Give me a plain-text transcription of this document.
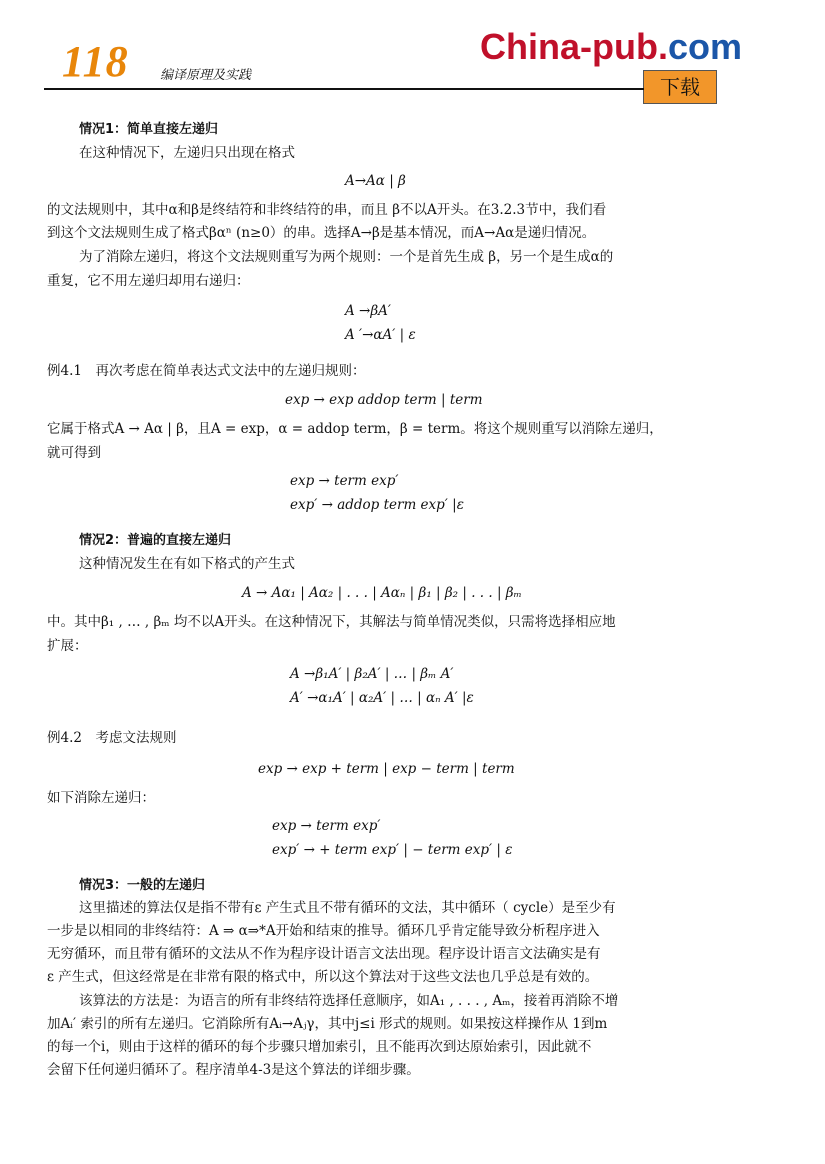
118 编译原理及实践
China-pub.com
下载
情况1：简单直接左递归
在这种情况下，左递归只出现在格式
A→Aα | β
的文法规则中，其中α和β是终结符和非终结符的串，而且 β不以A开头。在3.2.3节中，我们看
到这个文法规则生成了格式βαⁿ (n≥0）的串。选择A→β是基本情况，而A→Aα是递归情况。
为了消除左递归，将这个文法规则重写为两个规则：一个是首先生成 β，另一个是生成α的
重复，它不用左递归却用右递归：
A →βA′
A ′→αA′ | ε
例4.1　再次考虑在简单表达式文法中的左递归规则：
exp → exp addop term | term
它属于格式A → Aα | β，且A = exp，α = addop term，β = term。将这个规则重写以消除左递归，
就可得到
exp → term exp′
exp′ → addop term exp′ |ε
情况2：普遍的直接左递归
这种情况发生在有如下格式的产生式
A → Aα₁ | Aα₂ | . . . | Aαₙ | β₁ | β₂ | . . . | βₘ
中。其中β₁ , … , βₘ 均不以A开头。在这种情况下，其解法与简单情况类似，只需将选择相应地
扩展：
A →β₁A′ | β₂A′ | … | βₘ A′
A′ →α₁A′ | α₂A′ | … | αₙ A′ |ε
例4.2　考虑文法规则
exp → exp + term | exp − term | term
如下消除左递归：
exp → term exp′
exp′ → + term exp′ | − term exp′ | ε
情况3：一般的左递归
这里描述的算法仅是指不带有ε 产生式且不带有循环的文法，其中循环（ cycle）是至少有
一步是以相同的非终结符：A ⇒ α⇒*A开始和结束的推导。循环几乎肯定能导致分析程序进入
无穷循环，而且带有循环的文法从不作为程序设计语言文法出现。程序设计语言文法确实是有
ε 产生式，但这经常是在非常有限的格式中，所以这个算法对于这些文法也几乎总是有效的。
该算法的方法是：为语言的所有非终结符选择任意顺序，如A₁ , . . . , Aₘ，接着再消除不增
加Aᵢ′ 索引的所有左递归。它消除所有Aᵢ→Aⱼγ，其中j≤i 形式的规则。如果按这样操作从 1到m
的每一个i，则由于这样的循环的每个步骤只增加索引，且不能再次到达原始索引，因此就不
会留下任何递归循环了。程序清单4-3是这个算法的详细步骤。
